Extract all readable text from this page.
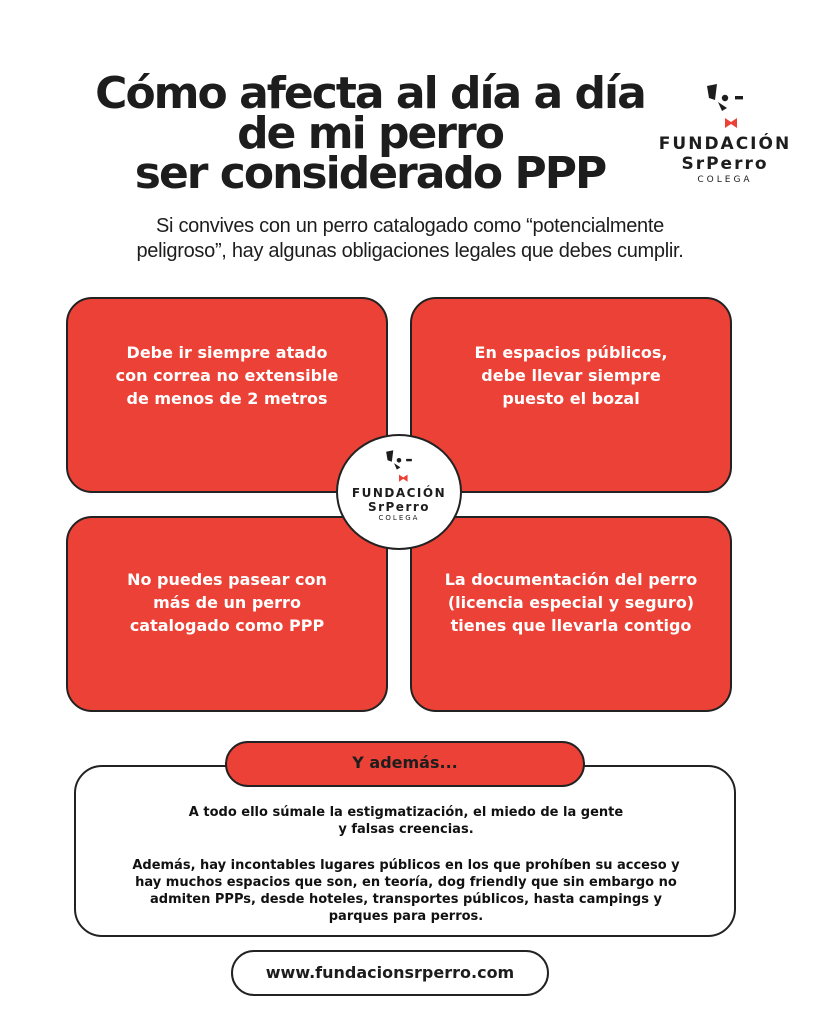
Cómo afecta al día a día
de mi perro
ser considerado PPP
FUNDACIÓN
SrPerro
COLEGA

Si convives con un perro catalogado como “potencialmente
peligroso”, hay algunas obligaciones legales que debes cumplir.

Debe ir siempre atado
con correa no extensible
de menos de 2 metros
En espacios públicos,
debe llevar siempre
puesto el bozal
No puedes pasear con
más de un perro
catalogado como PPP
La documentación del perro
(licencia especial y seguro)
tienes que llevarla contigo
FUNDACIÓN
SrPerro
COLEGA

A todo ello súmale la estigmatización, el miedo de la gente
y falsas creencias.

Además, hay incontables lugares públicos en los que prohíben su acceso y
hay muchos espacios que son, en teoría, dog friendly que sin embargo no
admiten PPPs, desde hoteles, transportes públicos, hasta campings y
parques para perros.

Y además...
www.fundacionsrperro.com
